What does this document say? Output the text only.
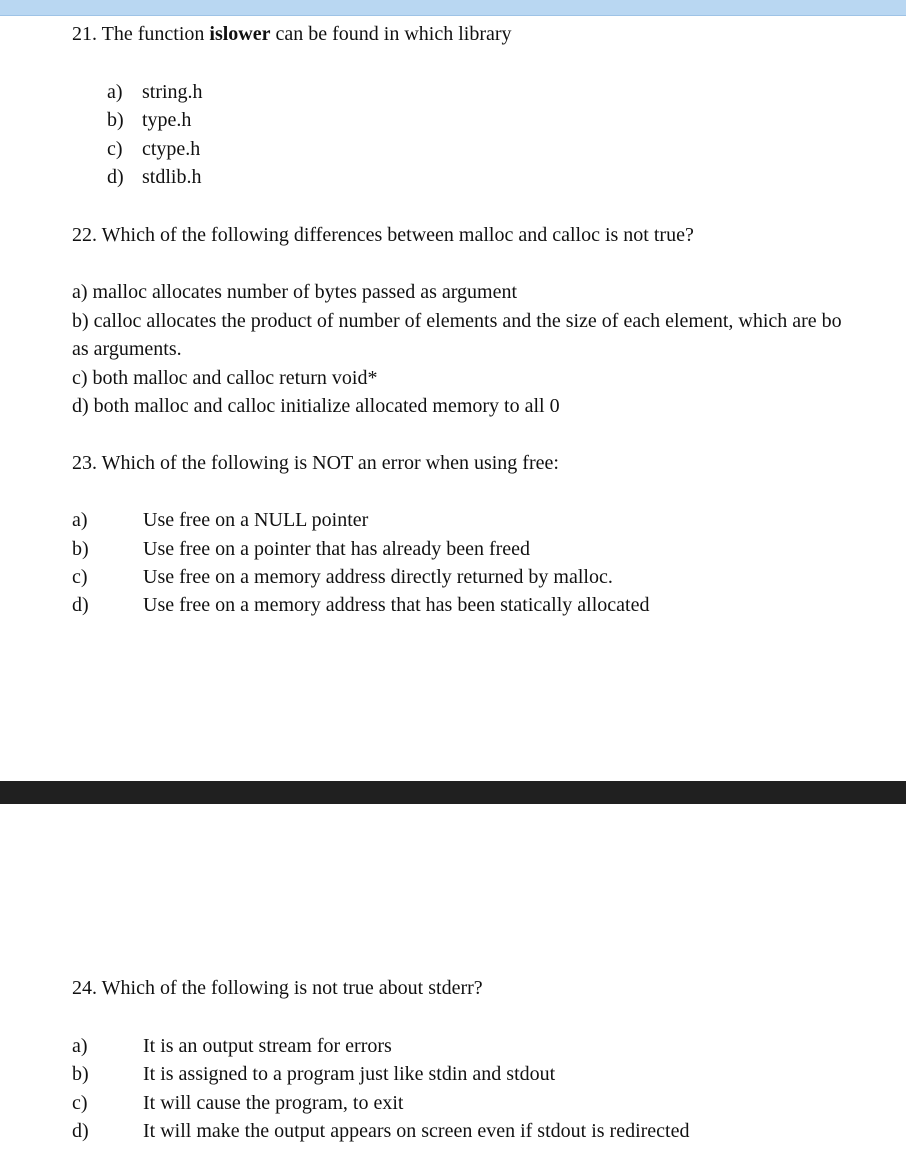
21. The function islower can be found in which library
a) string.h
b) type.h
c) ctype.h
d) stdlib.h
22. Which of the following differences between malloc and calloc is not true?
a) malloc allocates number of bytes passed as argument
b) calloc allocates the product of number of elements and the size of each element, which are bo
as arguments.
c) both malloc and calloc return void*
d) both malloc and calloc initialize allocated memory to all 0
23. Which of the following is NOT an error when using free:
a)	Use free on a NULL pointer
b)	Use free on a pointer that has already been freed
c)	Use free on a memory address directly returned by malloc.
d)	Use free on a memory address that has been statically allocated
24. Which of the following is not true about stderr?
a)	It is an output stream for errors
b)	It is assigned to a program just like stdin and stdout
c)	It will cause the program, to exit
d)	It will make the output appears on screen even if stdout is redirected
